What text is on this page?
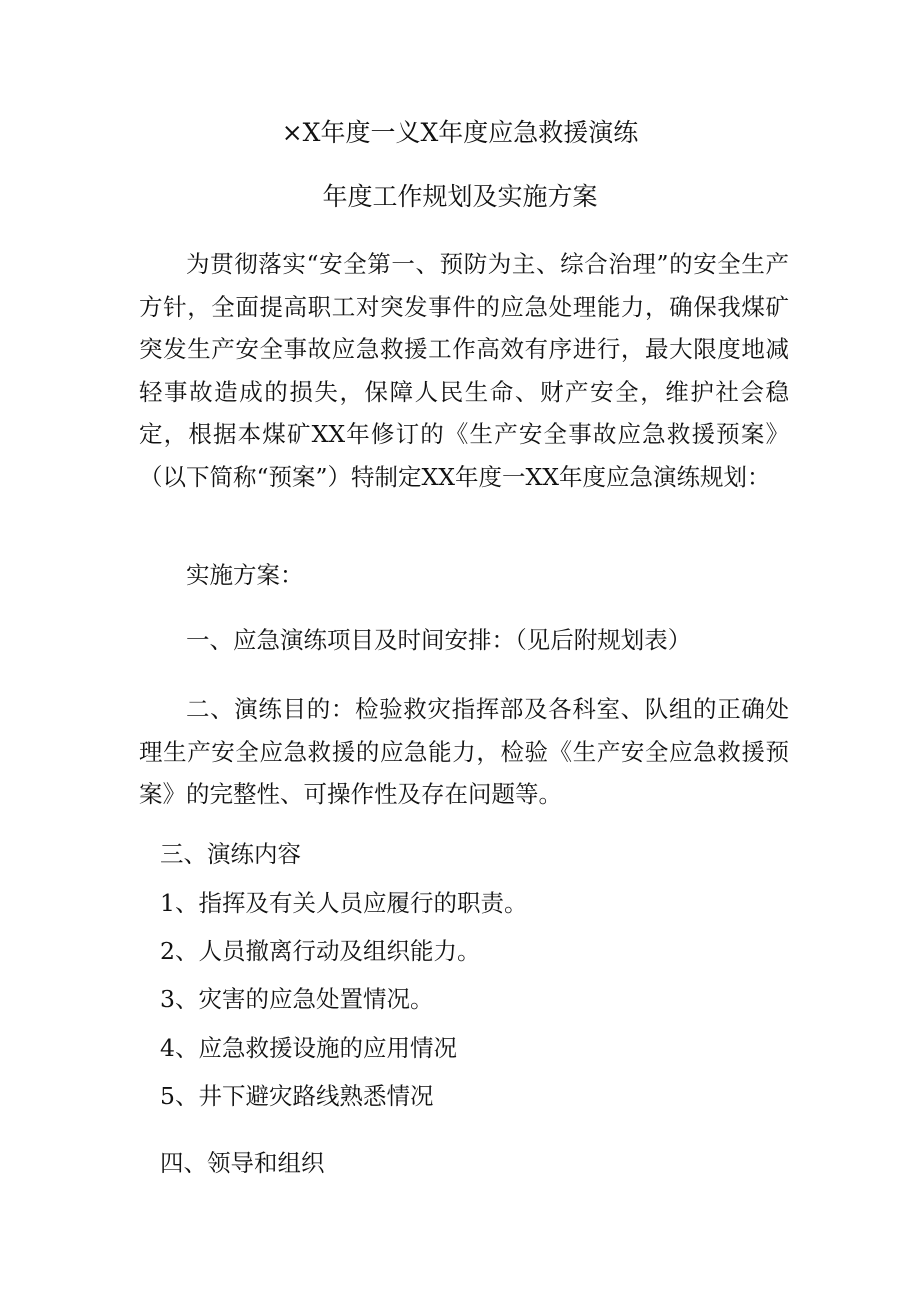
×X年度一义X年度应急救援演练
年度工作规划及实施方案

为贯彻落实“安全第一、预防为主、综合治理”的安全生产方针，全面提高职工对突发事件的应急处理能力，确保我煤矿突发生产安全事故应急救援工作高效有序进行，最大限度地减轻事故造成的损失，保障人民生命、财产安全，维护社会稳定，根据本煤矿XX年修订的《生产安全事故应急救援预案》（以下简称“预案”）特制定XX年度一XX年度应急演练规划：

实施方案：
一、应急演练项目及时间安排：（见后附规划表）

二、演练目的：检验救灾指挥部及各科室、队组的正确处理生产安全应急救援的应急能力，检验《生产安全应急救援预案》的完整性、可操作性及存在问题等。

三、演练内容
1、指挥及有关人员应履行的职责。
2、人员撤离行动及组织能力。
3、灾害的应急处置情况。
4、应急救援设施的应用情况
5、井下避灾路线熟悉情况
四、领导和组织
